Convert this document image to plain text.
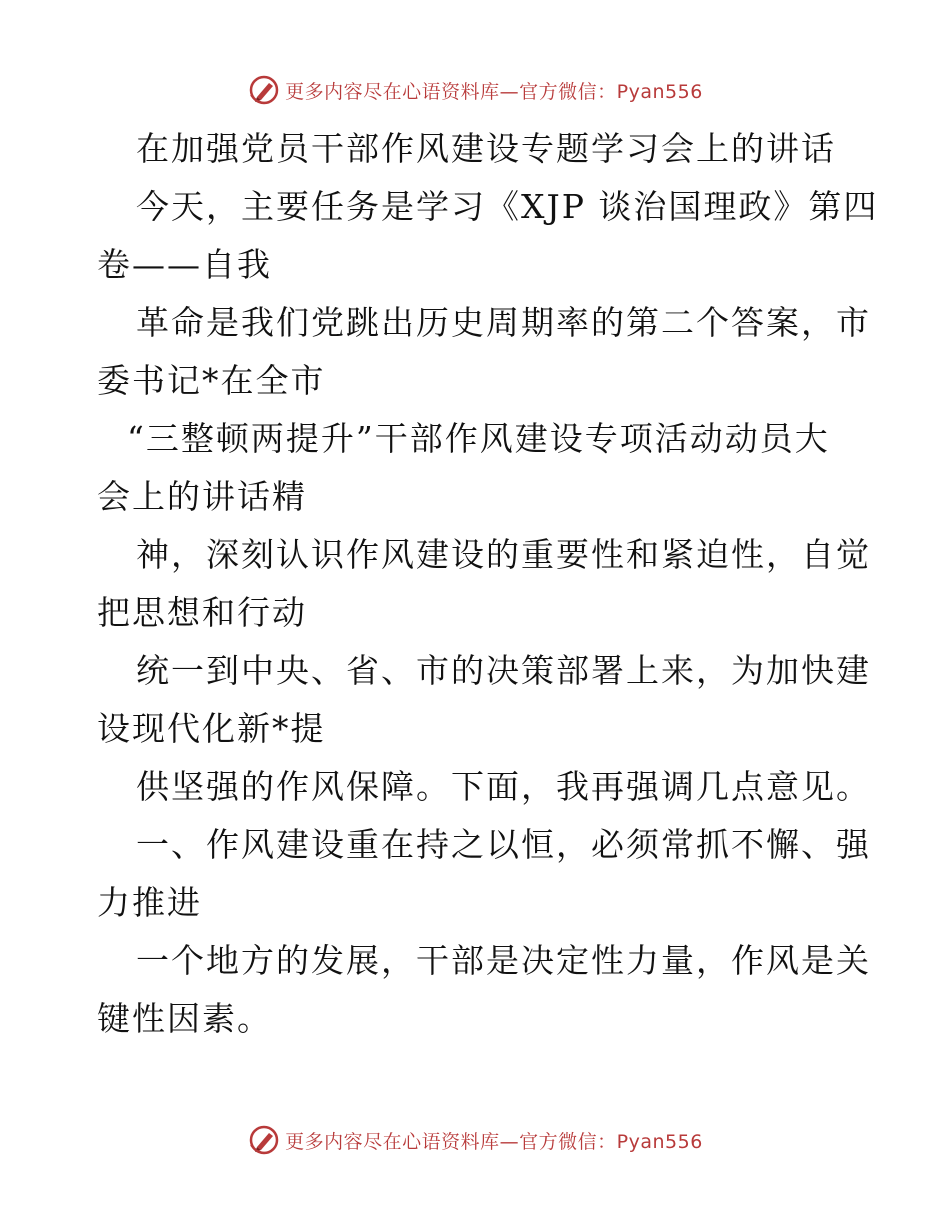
更多内容尽在心语资料库—官方微信：Pyan556
在加强党员干部作风建设专题学习会上的讲话
今天，主要任务是学习《XJP 谈治国理政》第四
卷——自我
革命是我们党跳出历史周期率的第二个答案，市
委书记*在全市
“三整顿两提升”干部作风建设专项活动动员大
会上的讲话精
神，深刻认识作风建设的重要性和紧迫性，自觉
把思想和行动
统一到中央、省、市的决策部署上来，为加快建
设现代化新*提
供坚强的作风保障。下面，我再强调几点意见。
一、作风建设重在持之以恒，必须常抓不懈、强
力推进
一个地方的发展，干部是决定性力量，作风是关
键性因素。
更多内容尽在心语资料库—官方微信：Pyan556
